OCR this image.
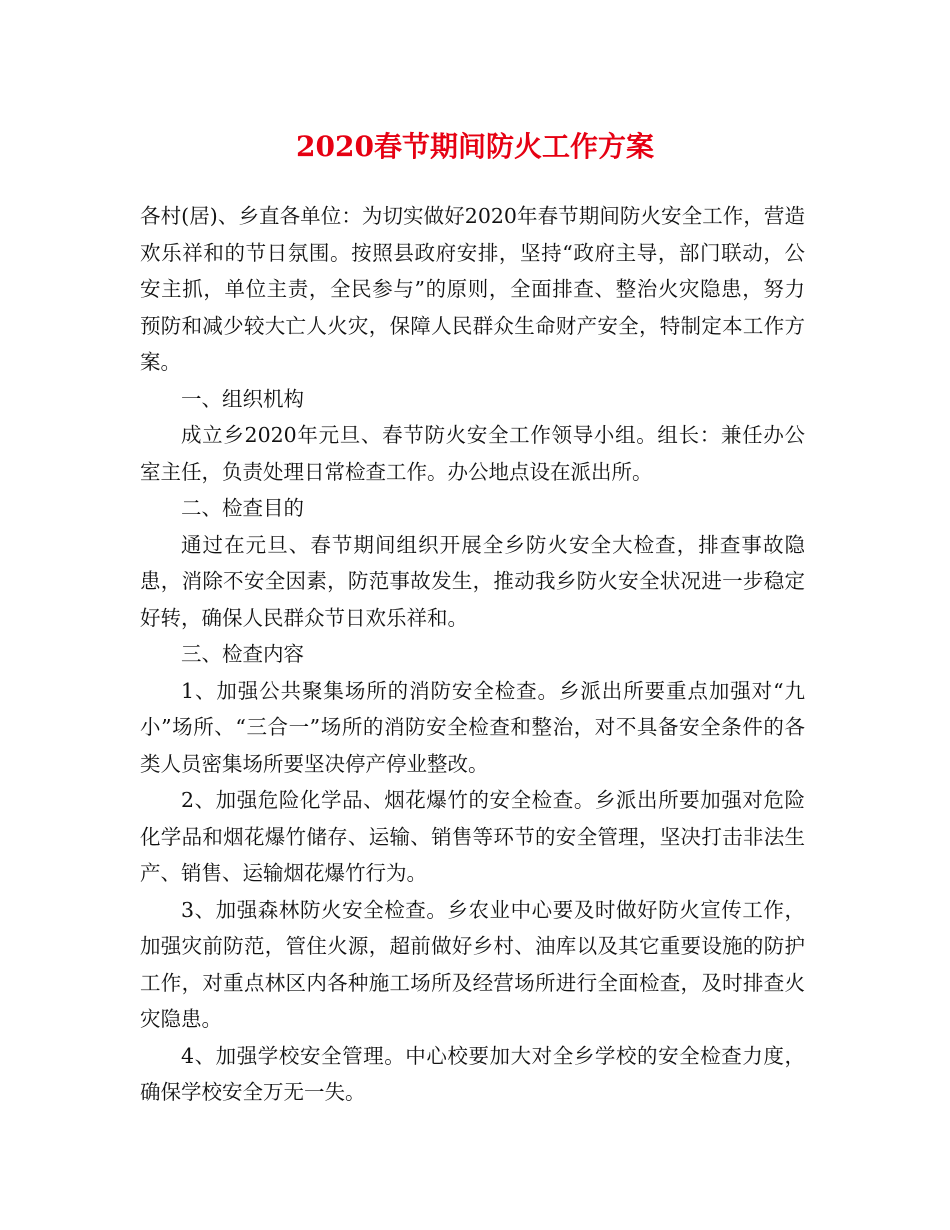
2020春节期间防火工作方案

各村(居)、乡直各单位：为切实做好2020年春节期间防火安全工作，营造欢乐祥和的节日氛围。按照县政府安排，坚持“政府主导，部门联动，公安主抓，单位主责，全民参与”的原则，全面排查、整治火灾隐患，努力预防和减少较大亡人火灾，保障人民群众生命财产安全，特制定本工作方案。

一、组织机构

成立乡2020年元旦、春节防火安全工作领导小组。组长：兼任办公室主任，负责处理日常检查工作。办公地点设在派出所。

二、检查目的

通过在元旦、春节期间组织开展全乡防火安全大检查，排查事故隐患，消除不安全因素，防范事故发生，推动我乡防火安全状况进一步稳定好转，确保人民群众节日欢乐祥和。

三、检查内容

1、加强公共聚集场所的消防安全检查。乡派出所要重点加强对“九小”场所、“三合一”场所的消防安全检查和整治，对不具备安全条件的各类人员密集场所要坚决停产停业整改。

2、加强危险化学品、烟花爆竹的安全检查。乡派出所要加强对危险化学品和烟花爆竹储存、运输、销售等环节的安全管理，坚决打击非法生产、销售、运输烟花爆竹行为。

3、加强森林防火安全检查。乡农业中心要及时做好防火宣传工作，加强灾前防范，管住火源，超前做好乡村、油库以及其它重要设施的防护工作，对重点林区内各种施工场所及经营场所进行全面检查，及时排查火灾隐患。

4、加强学校安全管理。中心校要加大对全乡学校的安全检查力度，确保学校安全万无一失。
